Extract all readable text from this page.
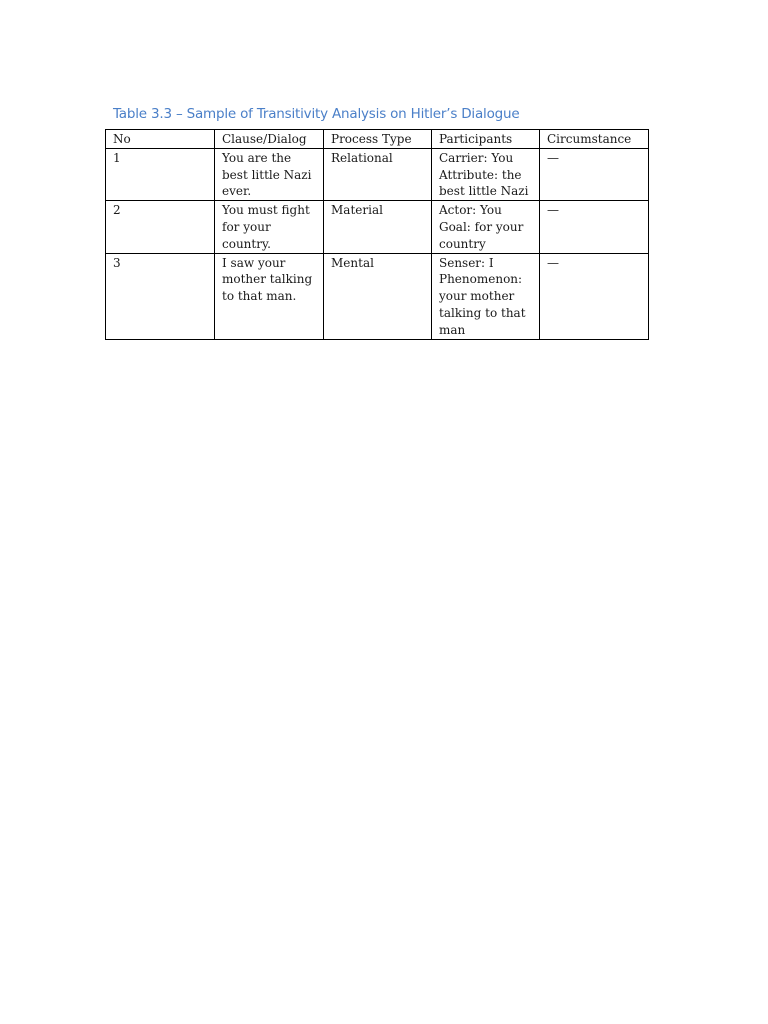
Table 3.3 – Sample of Transitivity Analysis on Hitler’s Dialogue
No	Clause/Dialog	Process Type	Participants	Circumstance
1	You are the
best little Nazi
ever.	Relational	Carrier: You
Attribute: the
best little Nazi	—
2	You must fight
for your
country.	Material	Actor: You
Goal: for your
country	—
3	I saw your
mother talking
to that man.	Mental	Senser: I
Phenomenon:
your mother
talking to that
man	—
